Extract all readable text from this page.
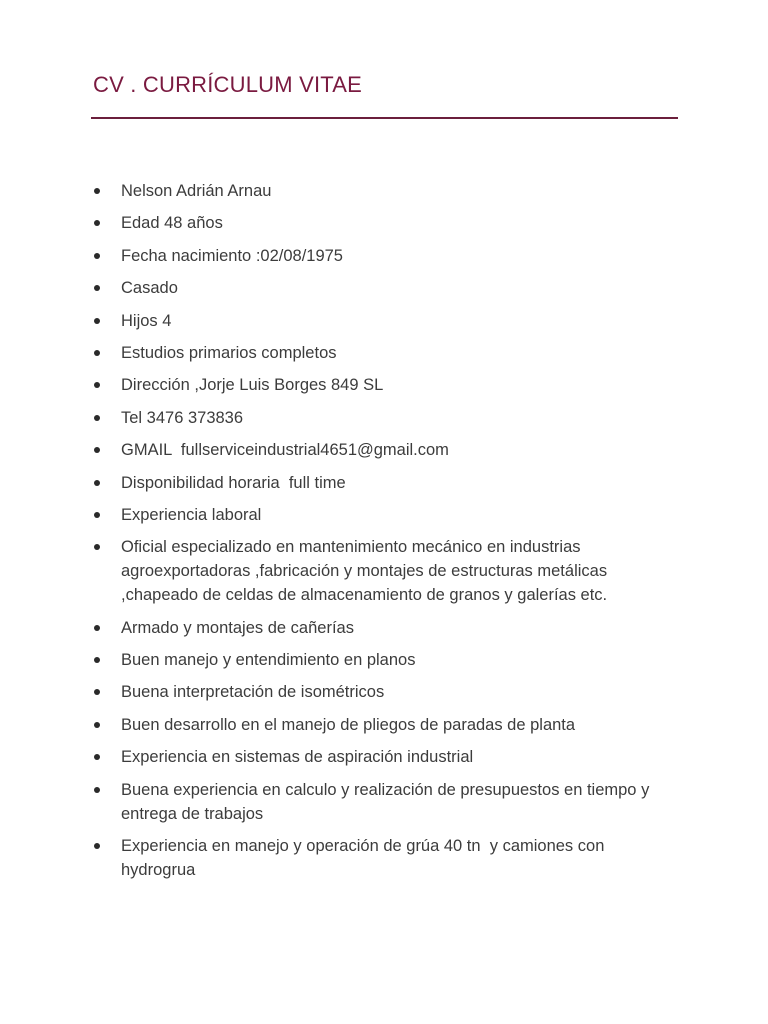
CV . CURRÍCULUM VITAE
Nelson Adrián Arnau
Edad 48 años
Fecha nacimiento :02/08/1975
Casado
Hijos 4
Estudios primarios completos
Dirección ,Jorje Luis Borges 849 SL
Tel 3476 373836
GMAIL  fullserviceindustrial4651@gmail.com
Disponibilidad horaria  full time
Experiencia laboral
Oficial especializado en mantenimiento mecánico en industrias agroexportadoras ,fabricación y montajes de estructuras metálicas ,chapeado de celdas de almacenamiento de granos y galerías etc.
Armado y montajes de cañerías
Buen manejo y entendimiento en planos
Buena interpretación de isométricos
Buen desarrollo en el manejo de pliegos de paradas de planta
Experiencia en sistemas de aspiración industrial
Buena experiencia en calculo y realización de presupuestos en tiempo y entrega de trabajos
Experiencia en manejo y operación de grúa 40 tn  y camiones con hydrogrua
